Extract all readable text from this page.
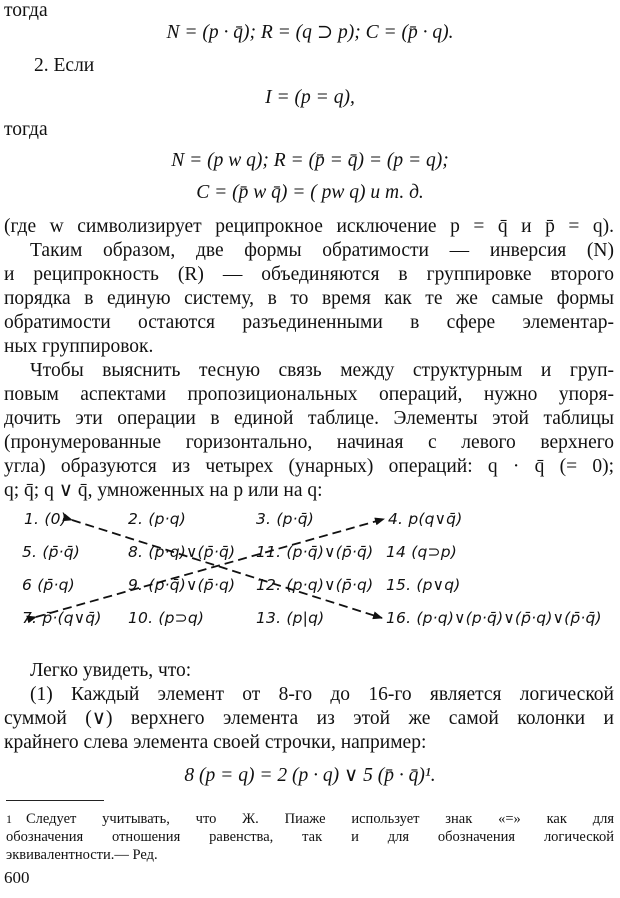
тогда
N = (p · q̄); R = (q ⊃ p); C = (p̄ · q).
2. Если
I = (p = q),
тогда
N = (p w q); R = (p̄ = q̄) = (p = q);
C = (p̄ w q̄) = ( pw q) и т. д.
(где w символизирует реципрокное исключение p = q̄ и p̄ = q).
Таким образом, две формы обратимости — инверсия (N)
и реципрокность (R) — объединяются в группировке второго
порядка в единую систему, в то время как те же самые формы
обратимости остаются разъединенными в сфере элементар-
ных группировок.
Чтобы выяснить тесную связь между структурным и груп-
повым аспектами пропозициональных операций, нужно упоря-
дочить эти операции в единой таблице. Элементы этой таблицы
(пронумерованные горизонтально, начиная с левого верхнего
угла) образуются из четырех (унарных) операций: q · q̄ (= 0);
q; q̄; q ∨ q̄, умноженных на p или на q:
1. (0)	2. (p·q)	3. (p·q̄)	4. p(q∨q̄)
5. (p̄·q̄)	8. (p·q)∨(p̄·q̄) 11. (p·q̄)∨(p̄·q̄) 14 (q⊃p)
6 (p̄·q)	9. (p·q̄)∨(p̄·q) 12. (p·q)∨(p̄·q) 15. (p∨q)
7. p̄·(q∨q̄) 10. (p⊃q)	13. (p|q)	16. (p·q)∨(p·q̄)∨(p̄·q)∨(p̄·q̄)
Легко увидеть, что:
(1) Каждый элемент от 8-го до 16-го является логической
суммой (∨) верхнего элемента из этой же самой колонки и
крайнего слева элемента своей строчки, например:
8 (p = q) = 2 (p · q) ∨ 5 (p̄ · q̄)¹.
1 Следует учитывать, что Ж. Пиаже использует знак «=» как для
обозначения отношения равенства, так и для обозначения логической
эквивалентности.— Ред.
600
